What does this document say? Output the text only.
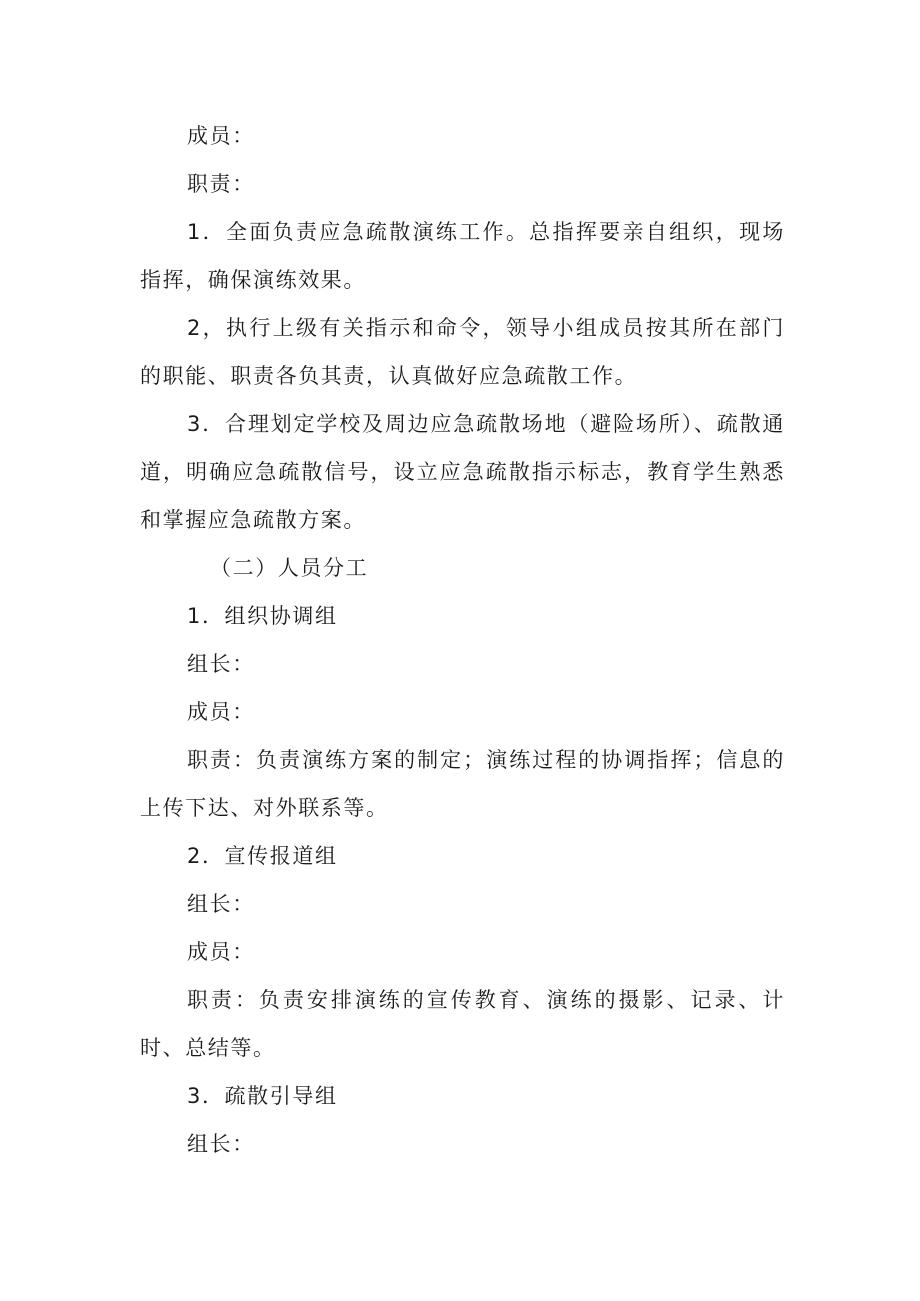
成员：

职责：

1．全面负责应急疏散演练工作。总指挥要亲自组织，现场指挥，确保演练效果。

2，执行上级有关指示和命令，领导小组成员按其所在部门的职能、职责各负其责，认真做好应急疏散工作。

3．合理划定学校及周边应急疏散场地（避险场所）、疏散通道，明确应急疏散信号，设立应急疏散指示标志，教育学生熟悉和掌握应急疏散方案。

（二）人员分工

1．组织协调组

组长：

成员：

职责：负责演练方案的制定；演练过程的协调指挥；信息的上传下达、对外联系等。

2．宣传报道组

组长：

成员：

职责：负责安排演练的宣传教育、演练的摄影、记录、计时、总结等。

3．疏散引导组

组长：
